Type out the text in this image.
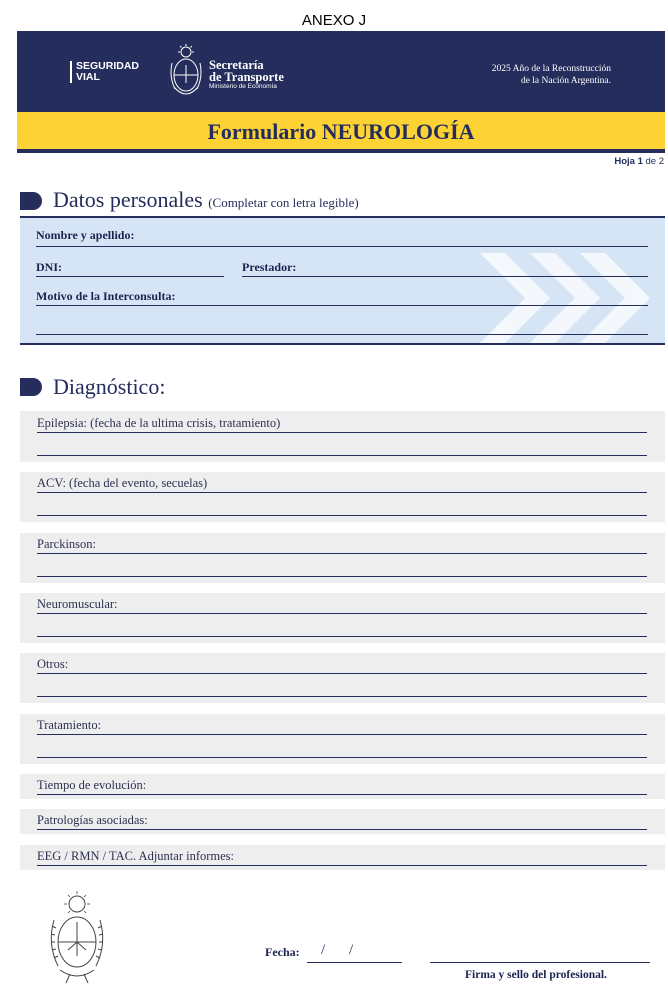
ANEXO J
SEGURIDAD
VIAL
Secretaría
de Transporte
Ministerio de Economía
2025 Año de la Reconstrucción
de la Nación Argentina.
Formulario NEUROLOGÍA
Hoja 1 de 2
Datos personales (Completar con letra legible)
Nombre y apellido:
DNI:	Prestador:
Motivo de la Interconsulta:
Diagnóstico:
Epilepsia: (fecha de la ultima crisis, tratamiento)
ACV: (fecha del evento, secuelas)
Parckinson:
Neuromuscular:
Otros:
Tratamiento:
Tiempo de evolución:
Patrologías asociadas:
EEG / RMN / TAC. Adjuntar informes:
Fecha: / /
Firma y sello del profesional.
